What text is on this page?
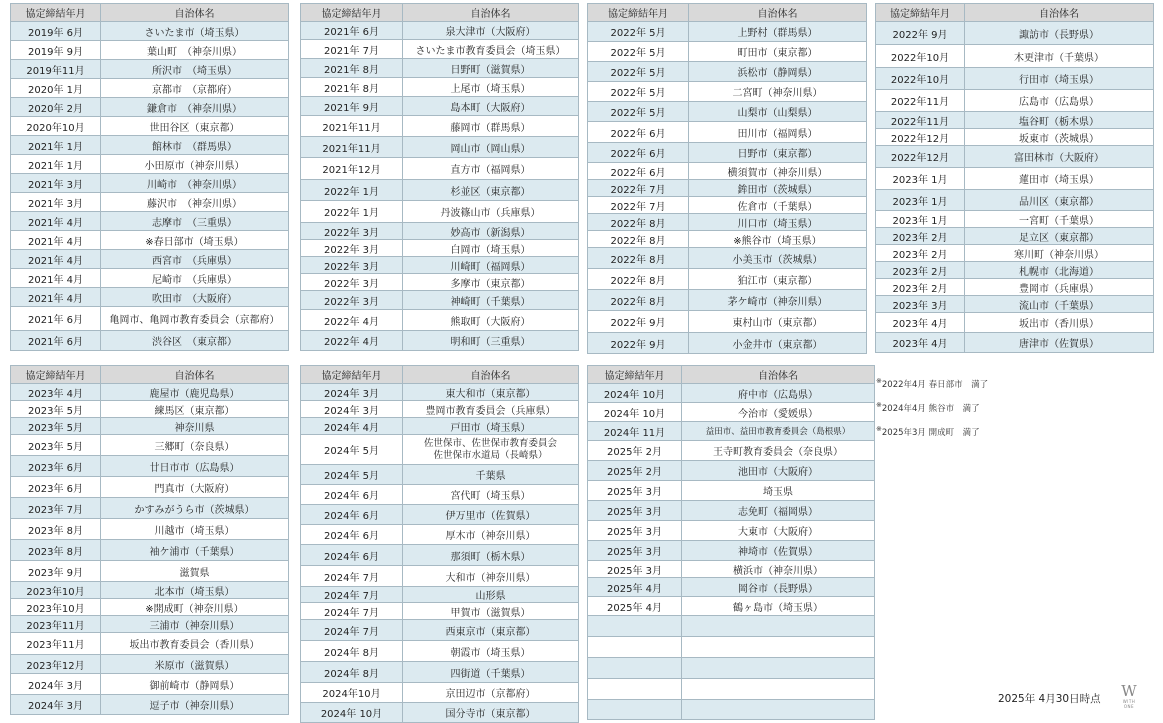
協定締結年月	自治体名
2019年 6月	さいたま市（埼玉県）
2019年 9月	葉山町　（神奈川県）
2019年11月	所沢市　（埼玉県）
2020年 1月	京都市　（京都府）
2020年 2月	鎌倉市　（神奈川県）
2020年10月	世田谷区（東京都）
2021年 1月	館林市　（群馬県）
2021年 1月	小田原市（神奈川県）
2021年 3月	川崎市　（神奈川県）
2021年 3月	藤沢市　（神奈川県）
2021年 4月	志摩市　（三重県）
2021年 4月	※春日部市（埼玉県）
2021年 4月	西宮市　（兵庫県）
2021年 4月	尼崎市　（兵庫県）
2021年 4月	吹田市　（大阪府）
2021年 6月	亀岡市、亀岡市教育委員会（京都府）
2021年 6月	渋谷区　（東京都）
協定締結年月	自治体名
2021年 6月	泉大津市（大阪府）
2021年 7月	さいたま市教育委員会（埼玉県）
2021年 8月	日野町（滋賀県）
2021年 8月	上尾市（埼玉県）
2021年 9月	島本町（大阪府）
2021年11月	藤岡市（群馬県）
2021年11月	岡山市（岡山県）
2021年12月	直方市（福岡県）
2022年 1月	杉並区（東京都）
2022年 1月	丹波篠山市（兵庫県）
2022年 3月	妙高市（新潟県）
2022年 3月	白岡市（埼玉県）
2022年 3月	川崎町（福岡県）
2022年 3月	多摩市（東京都）
2022年 3月	神崎町（千葉県）
2022年 4月	熊取町（大阪府）
2022年 4月	明和町（三重県）
協定締結年月	自治体名
2022年 5月	上野村（群馬県）
2022年 5月	町田市（東京都）
2022年 5月	浜松市（静岡県）
2022年 5月	二宮町（神奈川県）
2022年 5月	山梨市（山梨県）
2022年 6月	田川市（福岡県）
2022年 6月	日野市（東京都）
2022年 6月	横須賀市（神奈川県）
2022年 7月	鉾田市（茨城県）
2022年 7月	佐倉市（千葉県）
2022年 8月	川口市（埼玉県）
2022年 8月	※熊谷市（埼玉県）
2022年 8月	小美玉市（茨城県）
2022年 8月	狛江市（東京都）
2022年 8月	茅ケ崎市（神奈川県）
2022年 9月	東村山市（東京都）
2022年 9月	小金井市（東京都）
協定締結年月	自治体名
2022年 9月	諏訪市（長野県）
2022年10月	木更津市（千葉県）
2022年10月	行田市（埼玉県）
2022年11月	広島市（広島県）
2022年11月	塩谷町（栃木県）
2022年12月	坂東市（茨城県）
2022年12月	富田林市（大阪府）
2023年 1月	蓮田市（埼玉県）
2023年 1月	品川区（東京都）
2023年 1月	一宮町（千葉県）
2023年 2月	足立区（東京都）
2023年 2月	寒川町（神奈川県）
2023年 2月	札幌市（北海道）
2023年 2月	豊岡市（兵庫県）
2023年 3月	流山市（千葉県）
2023年 4月	坂出市（香川県）
2023年 4月	唐津市（佐賀県）
協定締結年月	自治体名
2023年 4月	鹿屋市（鹿児島県）
2023年 5月	練馬区（東京都）
2023年 5月	神奈川県
2023年 5月	三郷町（奈良県）
2023年 6月	廿日市市（広島県）
2023年 6月	門真市（大阪府）
2023年 7月	かすみがうら市（茨城県）
2023年 8月	川越市（埼玉県）
2023年 8月	袖ケ浦市（千葉県）
2023年 9月	滋賀県
2023年10月	北本市（埼玉県）
2023年10月	※開成町（神奈川県）
2023年11月	三浦市（神奈川県）
2023年11月	坂出市教育委員会（香川県）
2023年12月	米原市（滋賀県）
2024年 3月	御前崎市（静岡県）
2024年 3月	逗子市（神奈川県）
協定締結年月	自治体名
2024年 3月	東大和市（東京都）
2024年 3月	豊岡市教育委員会（兵庫県）
2024年 4月	戸田市（埼玉県）
2024年 5月	佐世保市、佐世保市教育委員会
佐世保市水道局（長崎県）

2024年 5月	千葉県
2024年 6月	宮代町（埼玉県）
2024年 6月	伊万里市（佐賀県）
2024年 6月	厚木市（神奈川県）
2024年 6月	那須町（栃木県）
2024年 7月	大和市（神奈川県）
2024年 7月	山形県
2024年 7月	甲賀市（滋賀県）
2024年 7月	西東京市（東京都）
2024年 8月	朝霞市（埼玉県）
2024年 8月	四街道（千葉県）
2024年10月	京田辺市（京都府）
2024年 10月	国分寺市（東京都）
協定締結年月	自治体名
2024年 10月	府中市（広島県）
2024年 10月	今治市（愛媛県）
2024年 11月	益田市、益田市教育委員会（島根県）
2025年 2月	王寺町教育委員会（奈良県）
2025年 2月	池田市（大阪府）
2025年 3月	埼玉県
2025年 3月	志免町（福岡県）
2025年 3月	大東市（大阪府）
2025年 3月	神埼市（佐賀県）
2025年 3月	横浜市（神奈川県）
2025年 4月	岡谷市（長野県）
2025年 4月	鶴ヶ島市（埼玉県）

※2022年4月 春日部市　満了
※2024年4月 熊谷市　満了
※2025年3月 開成町　満了
2025年 4月30日時点 W
WITH ONE
